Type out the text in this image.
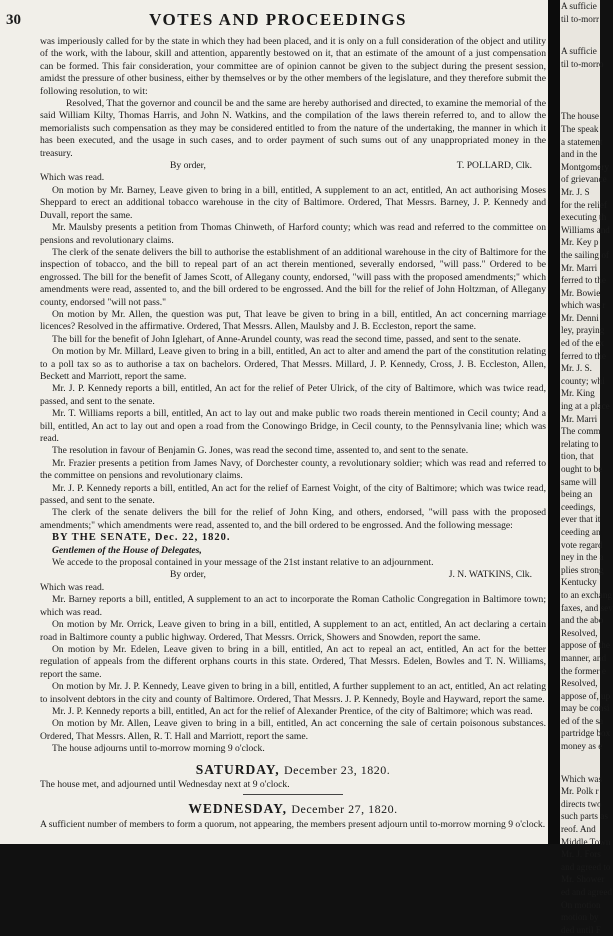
30	VOTES AND PROCEEDINGS

was imperiously called for by the state in which they had been placed, and it is only on a full consideration of the object and utility of the work, with the labour, skill and attention, apparently bestowed on it, that an estimate of the amount of a just compensation can be formed. This fair consideration, your committee are of opinion cannot be given to the subject during the present session, amidst the pressure of other business, either by themselves or by the other members of the legislature, and they therefore submit the following resolution, to wit:

Resolved, That the governor and council be and the same are hereby authorised and directed, to examine the memorial of the said William Kilty, Thomas Harris, and John N. Watkins, and the compilation of the laws therein referred to, and to allow the memorialists such compensation as they may be considered entitled to from the nature of the undertaking, the manner in which it has been executed, and the usage in such cases, and to order payment of such sums out of any unappropriated money in the treasury.

By order,	T. POLLARD, Clk.

Which was read.

On motion by Mr. Barney, Leave given to bring in a bill, entitled, A supplement to an act, entitled, An act authorising Moses Sheppard to erect an additional tobacco warehouse in the city of Baltimore. Ordered, That Messrs. Barney, J. P. Kennedy and Duvall, report the same.

Mr. Maulsby presents a petition from Thomas Chinweth, of Harford county; which was read and referred to the committee on pensions and revolutionary claims.

The clerk of the senate delivers the bill to authorise the establishment of an additional warehouse in the city of Baltimore for the inspection of tobacco, and the bill to repeal part of an act therein mentioned, severally endorsed, "will pass." Ordered to be engrossed. The bill for the benefit of James Scott, of Allegany county, endorsed, "will pass with the proposed amendments;" which amendments were read, assented to, and the bill ordered to be engrossed. And the bill for the relief of John Holtzman, of Allegany county, endorsed "will not pass."

On motion by Mr. Allen, the question was put, That leave be given to bring in a bill, entitled, An act concerning marriage licences? Resolved in the affirmative. Ordered, That Messrs. Allen, Maulsby and J. B. Eccleston, report the same.

The bill for the benefit of John Iglehart, of Anne-Arundel county, was read the second time, passed, and sent to the senate.

On motion by Mr. Millard, Leave given to bring in a bill, entitled, An act to alter and amend the part of the constitution relating to a poll tax so as to authorise a tax on bachelors. Ordered, That Messrs. Millard, J. P. Kennedy, Cross, J. B. Eccleston, Allen, Beckett and Marriott, report the same.

Mr. J. P. Kennedy reports a bill, entitled, An act for the relief of Peter Ulrick, of the city of Baltimore, which was twice read, passed, and sent to the senate.

Mr. T. Williams reports a bill, entitled, An act to lay out and make public two roads therein mentioned in Cecil county; And a bill, entitled, An act to lay out and open a road from the Conowingo Bridge, in Cecil county, to the Pennsylvania line; which was read.

The resolution in favour of Benjamin G. Jones, was read the second time, assented to, and sent to the senate.

Mr. Frazier presents a petition from James Navy, of Dorchester county, a revolutionary soldier; which was read and referred to the committee on pensions and revolutionary claims.

Mr. J. P. Kennedy reports a bill, entitled, An act for the relief of Earnest Voight, of the city of Baltimore; which was twice read, passed, and sent to the senate.

The clerk of the senate delivers the bill for the relief of John King, and others, endorsed, "will pass with the proposed amendments;" which amendments were read, assented to, and the bill ordered to be engrossed. And the following message:

BY THE SENATE, Dec. 22, 1820.

Gentlemen of the House of Delegates,

We accede to the proposal contained in your message of the 21st instant relative to an adjournment.

By order,	J. N. WATKINS, Clk.

Which was read.

Mr. Barney reports a bill, entitled, A supplement to an act to incorporate the Roman Catholic Congregation in Baltimore town; which was read.

On motion by Mr. Orrick, Leave given to bring in a bill, entitled, A supplement to an act, entitled, An act declaring a certain road in Baltimore county a public highway. Ordered, That Messrs. Orrick, Showers and Snowden, report the same.

On motion by Mr. Edelen, Leave given to bring in a bill, entitled, An act to repeal an act, entitled, An act for the better regulation of appeals from the different orphans courts in this state. Ordered, That Messrs. Edelen, Bowles and T. N. Williams, report the same.

On motion by Mr. J. P. Kennedy, Leave given to bring in a bill, entitled, A further supplement to an act, entitled, An act relating to insolvent debtors in the city and county of Baltimore. Ordered, That Messrs. J. P. Kennedy, Boyle and Hayward, report the same.

Mr. J. P. Kennedy reports a bill, entitled, An act for the relief of Alexander Prentice, of the city of Baltimore; which was read.

On motion by Mr. Allen, Leave given to bring in a bill, entitled, An act concerning the sale of certain poisonous substances. Ordered, That Messrs. Allen, R. T. Hall and Marriott, report the same.

The house adjourns until to-morrow morning 9 o'clock.

SATURDAY, December 23, 1820.

The house met, and adjourned until Wednesday next at 9 o'clock.

WEDNESDAY, December 27, 1820.

A sufficient number of members to form a quorum, not appearing, the members present adjourn until to-morrow morning 9 o'clock.

A sufficie
til to-morr
A sufficie
til to-morro
The house
The speak
a statement
and in the
Montgomery
of grievance
Mr. J. S
for the relief
executing th
Williams and
Mr. Key p
the sailing of
Mr. Marri
ferred to the
Mr. Bowie
which was r
Mr. Denni
ley, praying
ed of the ex
ferred to the
Mr. J. S.
county; whi
Mr. King
ing at a place
Mr. Marri
The comm
relating to
tion, that
ought to be
same will
being an
ceedings,
ever that it
ceeding an
vote regard
ney in the a
plies strong
Kentucky
to an exchang
faxes, and sev
and the abo
Resolved,
appose of the
manner, and
the former e
Resolved,
appose of, up
may be consi
ed of the sa
partridge box
money as e
Which was
Mr. Polk r
directs two
such parts as
reof. And
Middle Town
Mr. J. Fors
and agreed to
Mr. Shower
ed and agreed
On motion
motion by
ded until F
